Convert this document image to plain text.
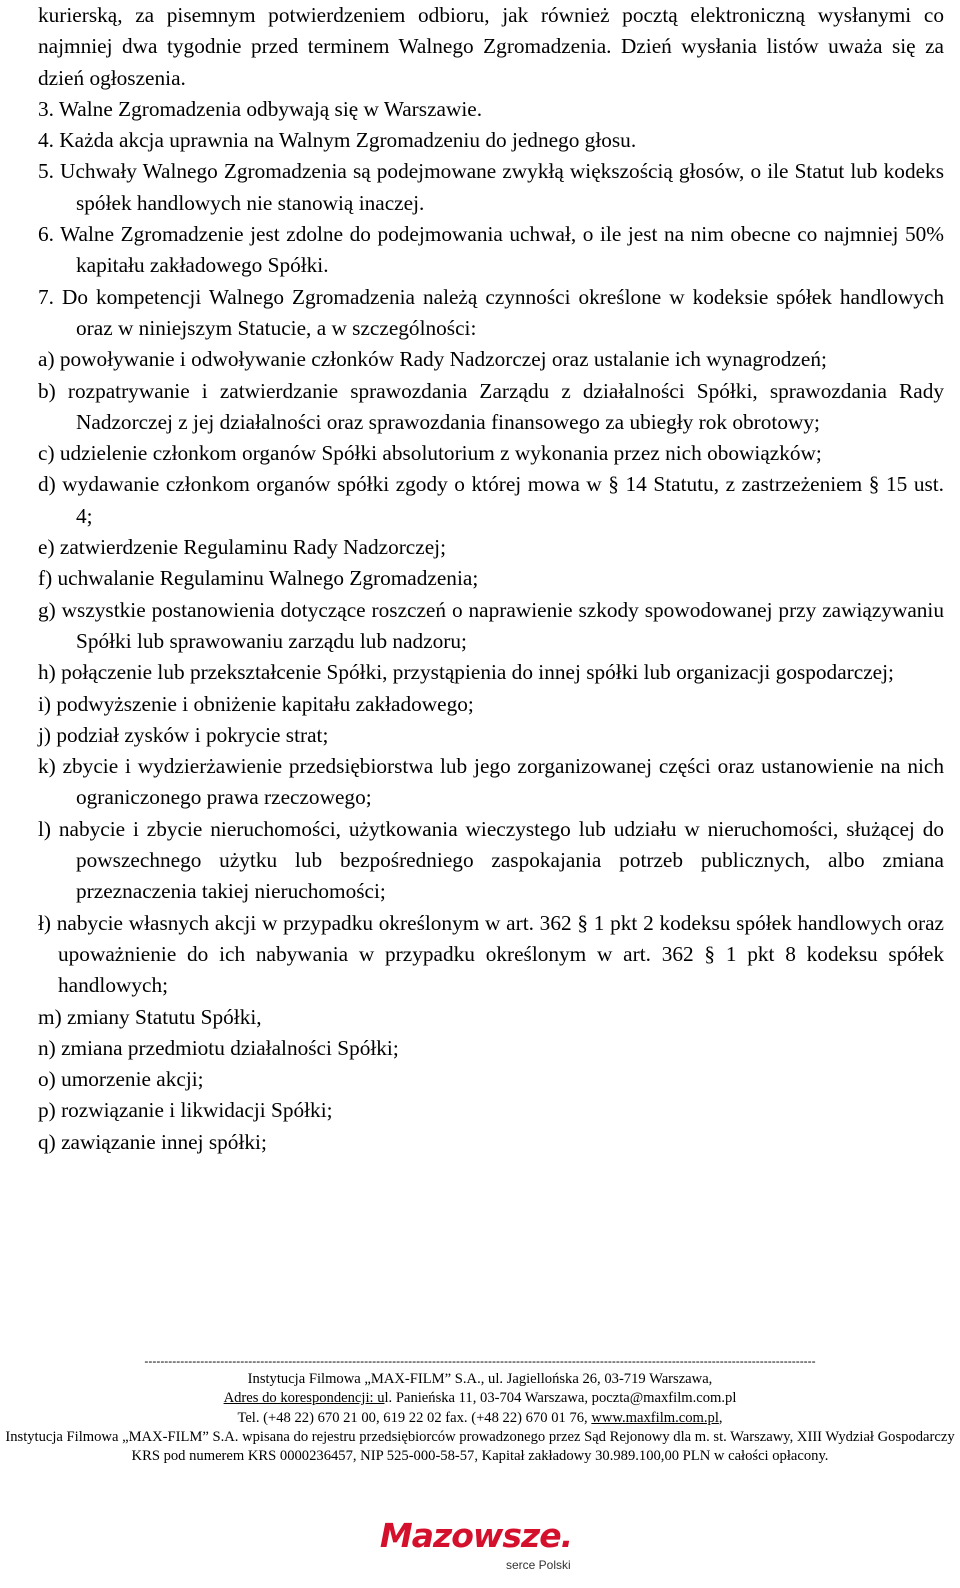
kurierską, za pisemnym potwierdzeniem odbioru, jak również pocztą elektroniczną wysłanymi co najmniej dwa tygodnie przed terminem Walnego Zgromadzenia. Dzień wysłania listów uważa się za dzień ogłoszenia.

3. Walne Zgromadzenia odbywają się w Warszawie.

4. Każda akcja uprawnia na Walnym Zgromadzeniu do jednego głosu.

5. Uchwały Walnego Zgromadzenia są podejmowane zwykłą większością głosów, o ile Statut lub kodeks spółek handlowych nie stanowią inaczej.

6. Walne Zgromadzenie jest zdolne do podejmowania uchwał, o ile jest na nim obecne co najmniej 50% kapitału zakładowego Spółki.

7. Do kompetencji Walnego Zgromadzenia należą czynności określone w kodeksie spółek handlowych oraz w niniejszym Statucie, a w szczególności:

a) powoływanie i odwoływanie członków Rady Nadzorczej oraz ustalanie ich wynagrodzeń;

b) rozpatrywanie i zatwierdzanie sprawozdania Zarządu z działalności Spółki, sprawozdania Rady Nadzorczej z jej działalności oraz sprawozdania finansowego za ubiegły rok obrotowy;

c) udzielenie członkom organów Spółki absolutorium z wykonania przez nich obowiązków;

d) wydawanie członkom organów spółki zgody o której mowa w § 14 Statutu, z zastrzeżeniem § 15 ust. 4;

e) zatwierdzenie Regulaminu Rady Nadzorczej;

f) uchwalanie Regulaminu Walnego Zgromadzenia;

g) wszystkie postanowienia dotyczące roszczeń o naprawienie szkody spowodowanej przy zawiązywaniu Spółki lub sprawowaniu zarządu lub nadzoru;

h) połączenie lub przekształcenie Spółki, przystąpienia do innej spółki lub organizacji gospodarczej;

i) podwyższenie i obniżenie kapitału zakładowego;

j) podział zysków i pokrycie strat;

k) zbycie i wydzierżawienie przedsiębiorstwa lub jego zorganizowanej części oraz ustanowienie na nich ograniczonego prawa rzeczowego;

l) nabycie i zbycie nieruchomości, użytkowania wieczystego lub udziału w nieruchomości, służącej do powszechnego użytku lub bezpośredniego zaspokajania potrzeb publicznych, albo zmiana przeznaczenia takiej nieruchomości;

ł) nabycie własnych akcji w przypadku określonym w art. 362 § 1 pkt 2 kodeksu spółek handlowych oraz upoważnienie do ich nabywania w przypadku określonym w art. 362 § 1 pkt 8 kodeksu spółek handlowych;

m) zmiany Statutu Spółki,

n) zmiana przedmiotu działalności Spółki;

o) umorzenie akcji;

p) rozwiązanie i likwidacji Spółki;

q) zawiązanie innej spółki;

------------------------------------------------------------------------------------------------------------------------------------------------------------------------
Instytucja Filmowa „MAX-FILM” S.A., ul. Jagiellońska 26, 03-719 Warszawa,
Adres do korespondencji: ul. Panieńska 11, 03-704 Warszawa, poczta@maxfilm.com.pl
Tel. (+48 22) 670 21 00, 619 22 02 fax. (+48 22) 670 01 76, www.maxfilm.com.pl,
Instytucja Filmowa „MAX-FILM” S.A. wpisana do rejestru przedsiębiorców prowadzonego przez Sąd Rejonowy dla m. st. Warszawy, XIII Wydział Gospodarczy KRS pod numerem KRS 0000236457, NIP 525-000-58-57, Kapitał zakładowy 30.989.100,00 PLN w całości opłacony.
Mazowsze.
serce Polski
